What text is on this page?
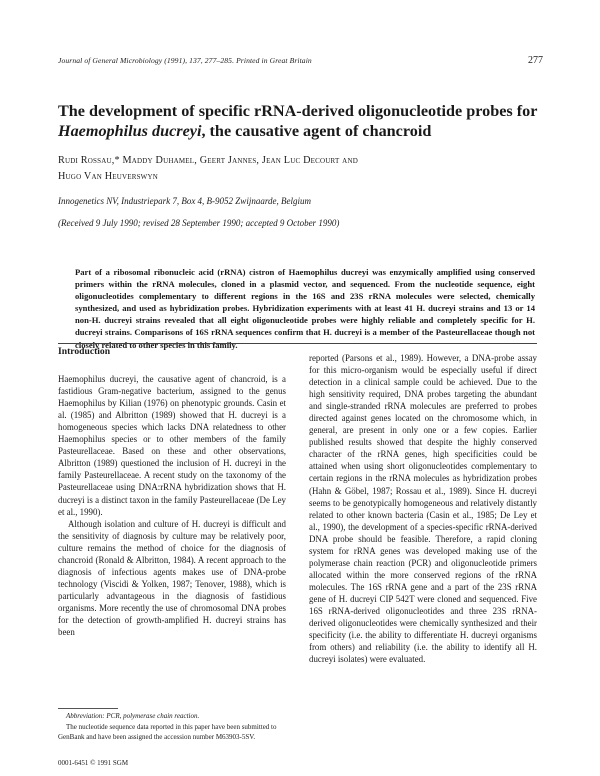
Journal of General Microbiology (1991), 137, 277–285. Printed in Great Britain	277
The development of specific rRNA-derived oligonucleotide probes for
Haemophilus ducreyi, the causative agent of chancroid
Rudi Rossau,* Maddy Duhamel, Geert Jannes, Jean Luc Decourt and
Hugo Van Heuverswyn
Innogenetics NV, Industriepark 7, Box 4, B-9052 Zwijnaarde, Belgium
(Received 9 July 1990; revised 28 September 1990; accepted 9 October 1990)
Part of a ribosomal ribonucleic acid (rRNA) cistron of Haemophilus ducreyi was enzymically amplified using conserved primers within the rRNA molecules, cloned in a plasmid vector, and sequenced. From the nucleotide sequence, eight oligonucleotides complementary to different regions in the 16S and 23S rRNA molecules were selected, chemically synthesized, and used as hybridization probes. Hybridization experiments with at least 41 H. ducreyi strains and 13 or 14 non-H. ducreyi strains revealed that all eight oligonucleotide probes were highly reliable and completely specific for H. ducreyi strains. Comparisons of 16S rRNA sequences confirm that H. ducreyi is a member of the Pasteurellaceae though not closely related to other species in this family.
Introduction

Haemophilus ducreyi, the causative agent of chancroid, is a fastidious Gram-negative bacterium, assigned to the genus Haemophilus by Kilian (1976) on phenotypic grounds. Casin et al. (1985) and Albritton (1989) showed that H. ducreyi is a homogeneous species which lacks DNA relatedness to other Haemophilus species or to other members of the family Pasteurellaceae. Based on these and other observations, Albritton (1989) questioned the inclusion of H. ducreyi in the family Pasteurellaceae. A recent study on the taxonomy of the Pasteurellaceae using DNA:rRNA hybridization shows that H. ducreyi is a distinct taxon in the family Pasteurellaceae (De Ley et al., 1990).

Although isolation and culture of H. ducreyi is difficult and the sensitivity of diagnosis by culture may be relatively poor, culture remains the method of choice for the diagnosis of chancroid (Ronald & Albritton, 1984). A recent approach to the diagnosis of infectious agents makes use of DNA-probe technology (Viscidi & Yolken, 1987; Tenover, 1988), which is particularly advantageous in the diagnosis of fastidious organisms. More recently the use of chromosomal DNA probes for the detection of growth-amplified H. ducreyi strains has been

reported (Parsons et al., 1989). However, a DNA-probe assay for this micro-organism would be especially useful if direct detection in a clinical sample could be achieved. Due to the high sensitivity required, DNA probes targeting the abundant and single-stranded rRNA molecules are preferred to probes directed against genes located on the chromosome which, in general, are present in only one or a few copies. Earlier published results showed that despite the highly conserved character of the rRNA genes, high specificities could be attained when using short oligonucleotides complementary to certain regions in the rRNA molecules as hybridization probes (Hahn & Göbel, 1987; Rossau et al., 1989). Since H. ducreyi seems to be genotypically homogeneous and relatively distantly related to other known bacteria (Casin et al., 1985; De Ley et al., 1990), the development of a species-specific rRNA-derived DNA probe should be feasible. Therefore, a rapid cloning system for rRNA genes was developed making use of the polymerase chain reaction (PCR) and oligonucleotide primers allocated within the more conserved regions of the rRNA molecules. The 16S rRNA gene and a part of the 23S rRNA gene of H. ducreyi CIP 542T were cloned and sequenced. Five 16S rRNA-derived oligonucleotides and three 23S rRNA-derived oligonucleotides were chemically synthesized and their specificity (i.e. the ability to differentiate H. ducreyi organisms from others) and reliability (i.e. the ability to identify all H. ducreyi isolates) were evaluated.

Abbreviation: PCR, polymerase chain reaction.

The nucleotide sequence data reported in this paper have been submitted to GenBank and have been assigned the accession number M63903-5SV.

0001-6451 © 1991 SGM
